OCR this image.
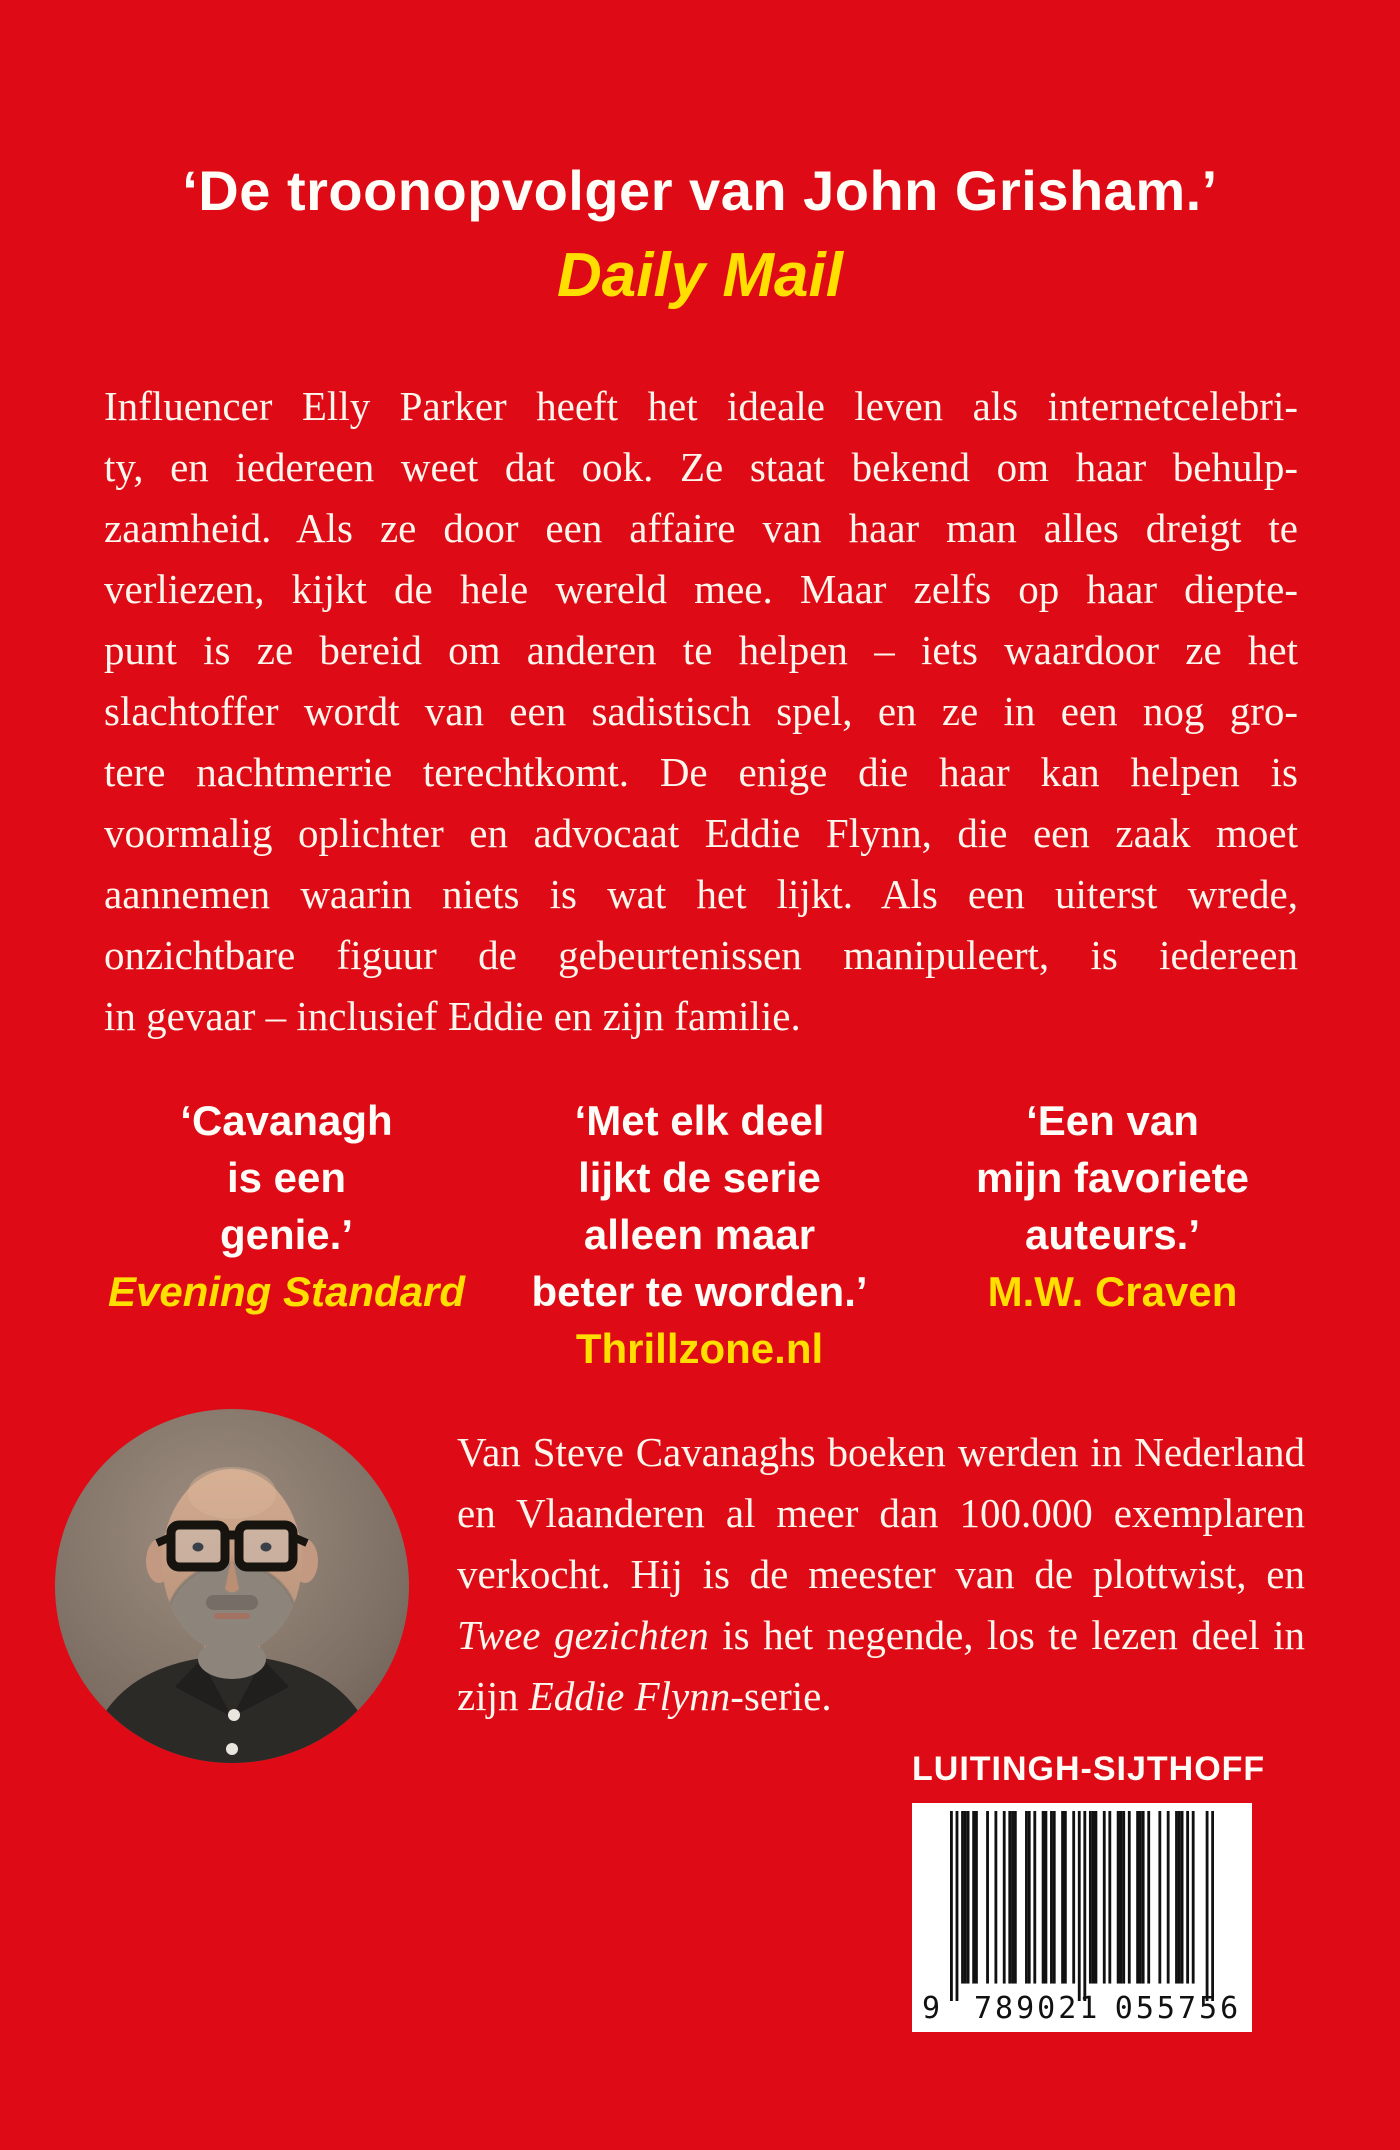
‘De troonopvolger van John Grisham.’
Daily Mail
Influencer Elly Parker heeft het ideale leven als internetcelebri-
ty, en iedereen weet dat ook. Ze staat bekend om haar behulp-
zaamheid. Als ze door een affaire van haar man alles dreigt te
verliezen, kijkt de hele wereld mee. Maar zelfs op haar diepte-
punt is ze bereid om anderen te helpen – iets waardoor ze het
slachtoffer wordt van een sadistisch spel, en ze in een nog gro-
tere nachtmerrie terechtkomt. De enige die haar kan helpen is
voormalig oplichter en advocaat Eddie Flynn, die een zaak moet
aannemen waarin niets is wat het lijkt. Als een uiterst wrede,
onzichtbare figuur de gebeurtenissen manipuleert, is iedereen
in gevaar – inclusief Eddie en zijn familie.
‘Cavanagh
is een
genie.’
Evening Standard
‘Met elk deel
lijkt de serie
alleen maar
beter te worden.’
Thrillzone.nl
‘Een van
mijn favoriete
auteurs.’
M.W. Craven
Van Steve Cavanaghs boeken werden in Nederland
en Vlaanderen al meer dan 100.000 exemplaren
verkocht. Hij is de meester van de plottwist, en
Twee gezichten is het negende, los te lezen deel in
zijn Eddie Flynn-serie.
LUITINGH-SIJTHOFF
9 789021 055756
